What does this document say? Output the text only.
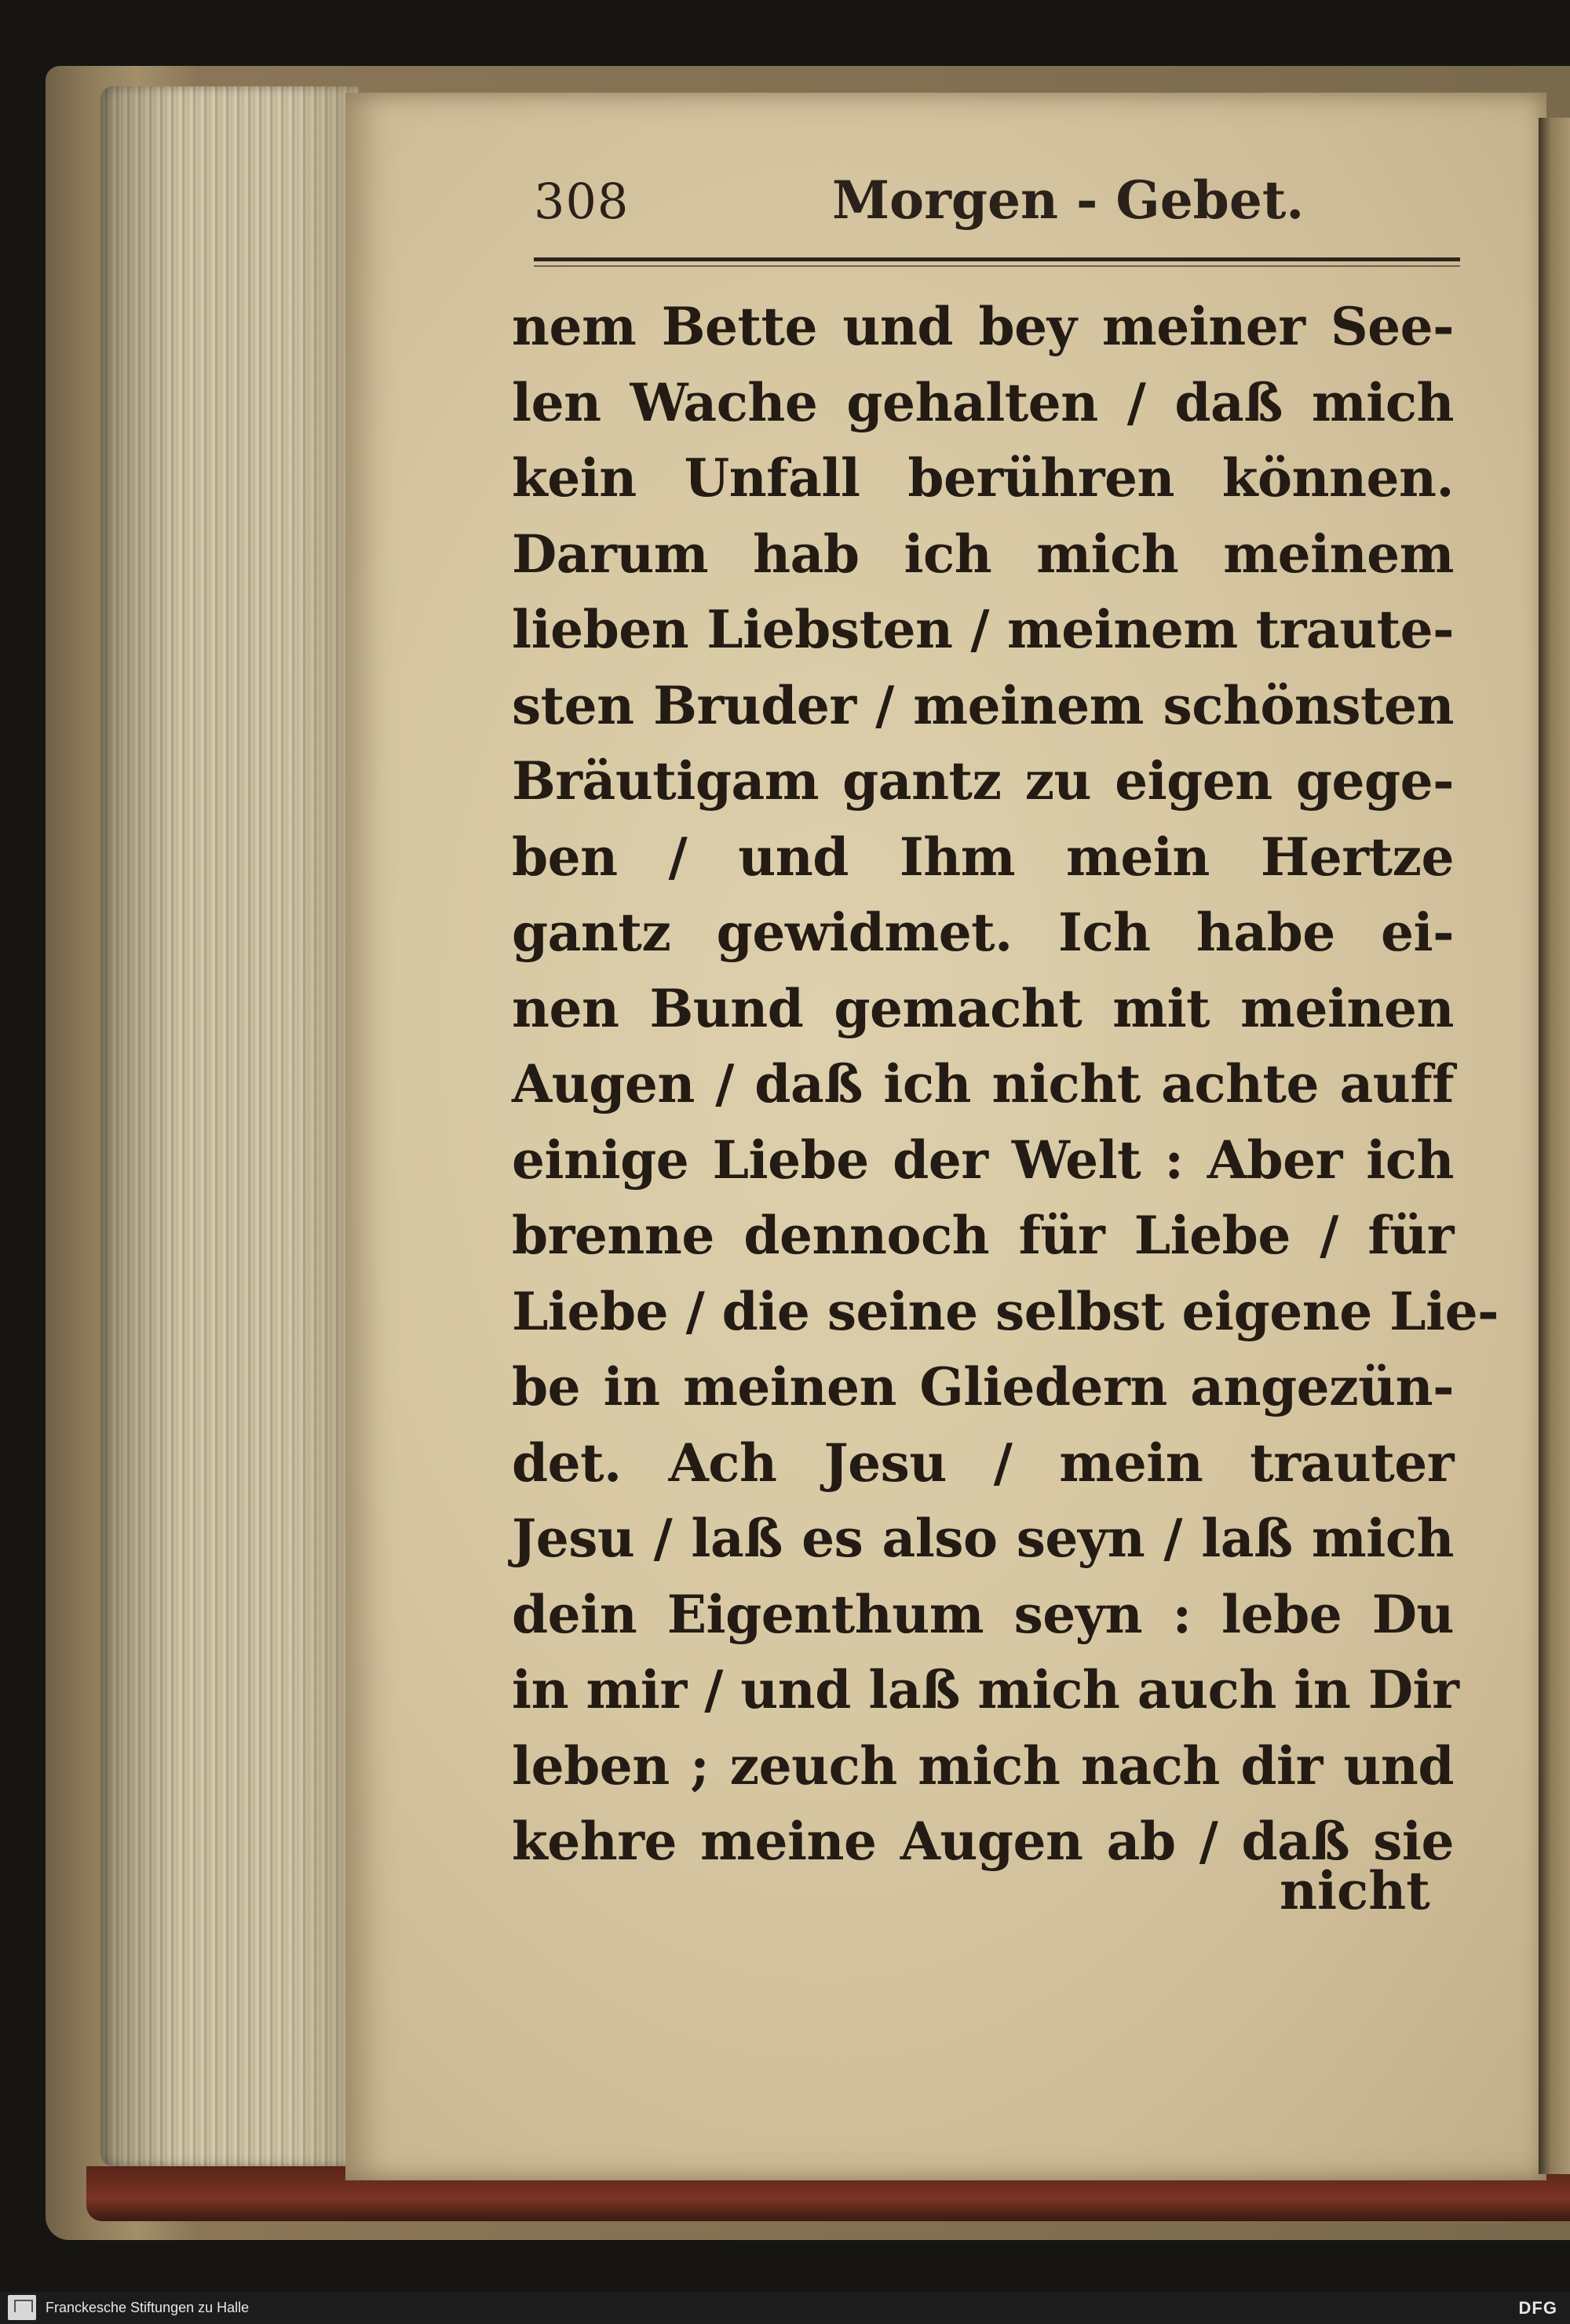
308	Morgen - Gebet.
nem Bette und bey meiner See-
len Wache gehalten / daß mich
kein Unfall berühren können.
Darum hab ich mich meinem
lieben Liebsten / meinem traute-
sten Bruder / meinem schönsten
Bräutigam gantz zu eigen gege-
ben / und Ihm mein Hertze
gantz gewidmet. Ich habe ei-
nen Bund gemacht mit meinen
Augen / daß ich nicht achte auff
einige Liebe der Welt : Aber ich
brenne dennoch für Liebe / für
Liebe / die seine selbst eigene Lie-
be in meinen Gliedern angezün-
det. Ach Jesu / mein trauter
Jesu / laß es also seyn / laß mich
dein Eigenthum seyn : lebe Du
in mir / und laß mich auch in Dir
leben ; zeuch mich nach dir und
kehre meine Augen ab / daß sie
nicht
Franckesche Stiftungen zu Halle	DFG
